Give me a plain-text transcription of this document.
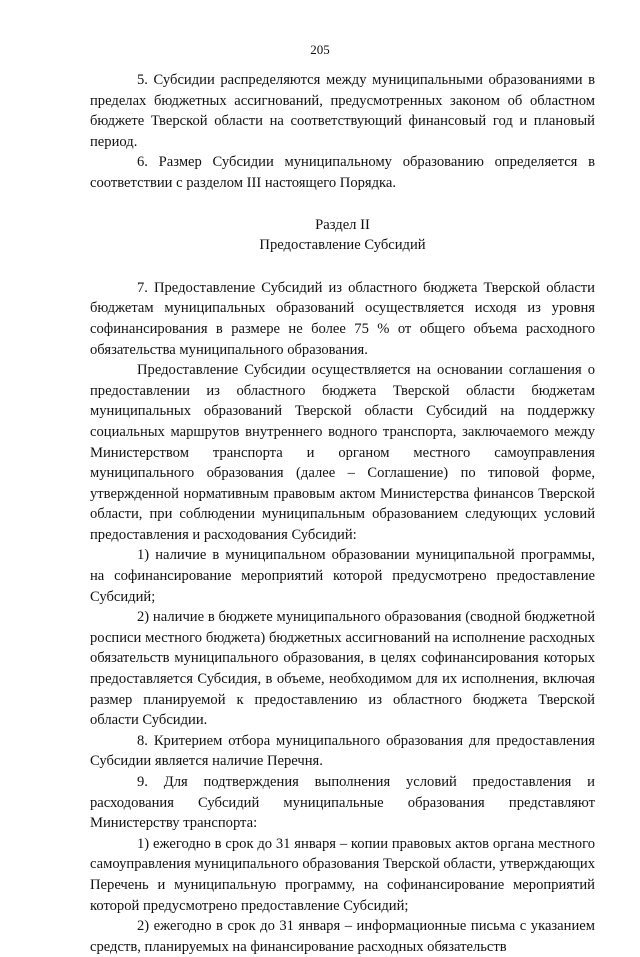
205

5. Субсидии распределяются между муниципальными образованиями в пределах бюджетных ассигнований, предусмотренных законом об областном бюджете Тверской области на соответствующий финансовый год и плановый период.

6. Размер Субсидии муниципальному образованию определяется в соответствии с разделом III настоящего Порядка.

Раздел II
Предоставление Субсидий

7. Предоставление Субсидий из областного бюджета Тверской области бюджетам муниципальных образований осуществляется исходя из уровня софинансирования в размере не более 75 % от общего объема расходного обязательства муниципального образования.

Предоставление Субсидии осуществляется на основании соглашения о предоставлении из областного бюджета Тверской области бюджетам муниципальных образований Тверской области Субсидий на поддержку социальных маршрутов внутреннего водного транспорта, заключаемого между Министерством транспорта и органом местного самоуправления муниципального образования (далее – Соглашение) по типовой форме, утвержденной нормативным правовым актом Министерства финансов Тверской области, при соблюдении муниципальным образованием следующих условий предоставления и расходования Субсидий:

1) наличие в муниципальном образовании муниципальной программы, на софинансирование мероприятий которой предусмотрено предоставление Субсидий;

2) наличие в бюджете муниципального образования (сводной бюджетной росписи местного бюджета) бюджетных ассигнований на исполнение расходных обязательств муниципального образования, в целях софинансирования которых предоставляется Субсидия, в объеме, необходимом для их исполнения, включая размер планируемой к предоставлению из областного бюджета Тверской области Субсидии.

8. Критерием отбора муниципального образования для предоставления Субсидии является наличие Перечня.

9. Для подтверждения выполнения условий предоставления и расходования Субсидий муниципальные образования представляют Министерству транспорта:

1) ежегодно в срок до 31 января – копии правовых актов органа местного самоуправления муниципального образования Тверской области, утверждающих Перечень и муниципальную программу, на софинансирование мероприятий которой предусмотрено предоставление Субсидий;

2) ежегодно в срок до 31 января – информационные письма с указанием средств, планируемых на финансирование расходных обязательств
